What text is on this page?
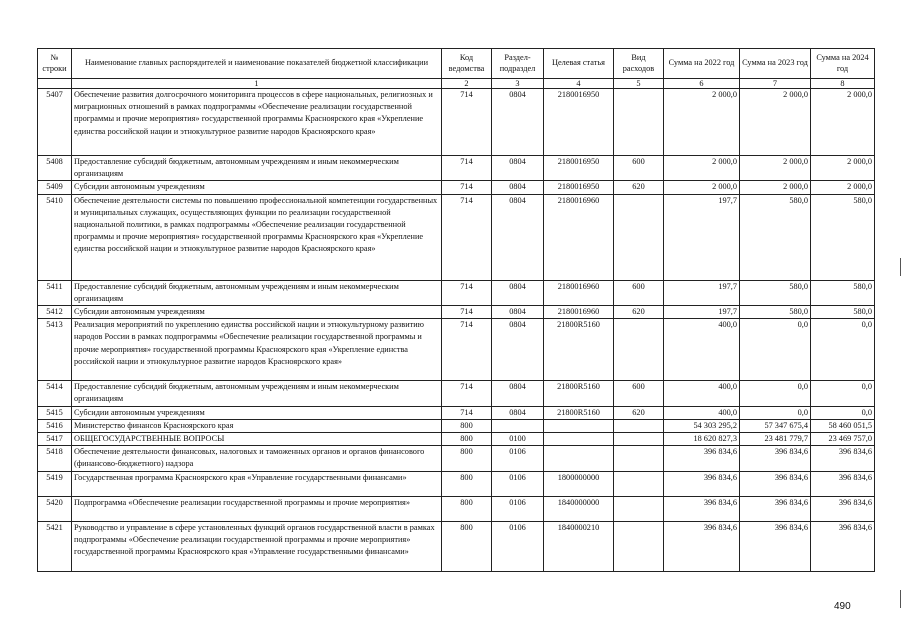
№ строки	Наименование главных распорядителей и наименование показателей бюджетной классификации	Код ведомства	Раздел-подраздел	Целевая статья	Вид расходов	Сумма на 2022 год	Сумма на 2023 год	Сумма на 2024 год
	1	2	3	4	5	6	7	8
5407	Обеспечение развития долгосрочного мониторинга процессов в сфере национальных, религиозных и миграционных отношений в рамках подпрограммы «Обеспечение реализации государственной программы и прочие мероприятия» государственной программы Красноярского края «Укрепление единства российской нации и этнокультурное развитие народов Красноярского края»	714	0804	2180016950		2 000,0	2 000,0	2 000,0
5408	Предоставление субсидий бюджетным, автономным учреждениям и иным некоммерческим организациям	714	0804	2180016950	600	2 000,0	2 000,0	2 000,0
5409	Субсидии автономным учреждениям	714	0804	2180016950	620	2 000,0	2 000,0	2 000,0
5410	Обеспечение деятельности системы по повышению профессиональной компетенции государственных и муниципальных служащих, осуществляющих функции по реализации государственной национальной политики, в рамках подпрограммы «Обеспечение реализации государственной программы и прочие мероприятия» государственной программы Красноярского края «Укрепление единства российской нации и этнокультурное развитие народов Красноярского края»	714	0804	2180016960		197,7	580,0	580,0
5411	Предоставление субсидий бюджетным, автономным учреждениям и иным некоммерческим организациям	714	0804	2180016960	600	197,7	580,0	580,0
5412	Субсидии автономным учреждениям	714	0804	2180016960	620	197,7	580,0	580,0
5413	Реализация мероприятий по укреплению единства российской нации и этнокультурному развитию народов России в рамках подпрограммы «Обеспечение реализации государственной программы и прочие мероприятия» государственной программы Красноярского края «Укрепление единства российской нации и этнокультурное развитие народов Красноярского края»	714	0804	21800R5160		400,0	0,0	0,0
5414	Предоставление субсидий бюджетным, автономным учреждениям и иным некоммерческим организациям	714	0804	21800R5160	600	400,0	0,0	0,0
5415	Субсидии автономным учреждениям	714	0804	21800R5160	620	400,0	0,0	0,0
5416	Министерство финансов Красноярского края	800				54 303 295,2	57 347 675,4	58 460 051,5
5417	ОБЩЕГОСУДАРСТВЕННЫЕ ВОПРОСЫ	800	0100			18 620 827,3	23 481 779,7	23 469 757,0
5418	Обеспечение деятельности финансовых, налоговых и таможенных органов и органов финансового (финансово-бюджетного) надзора	800	0106			396 834,6	396 834,6	396 834,6
5419	Государственная программа Красноярского края «Управление государственными финансами»	800	0106	1800000000		396 834,6	396 834,6	396 834,6
5420	Подпрограмма «Обеспечение реализации государственной программы и прочие мероприятия»	800	0106	1840000000		396 834,6	396 834,6	396 834,6
5421	Руководство и управление в сфере установленных функций органов государственной власти в рамках подпрограммы «Обеспечение реализации государственной программы и прочие мероприятия» государственной программы Красноярского края «Управление государственными финансами»	800	0106	1840000210		396 834,6	396 834,6	396 834,6
490
